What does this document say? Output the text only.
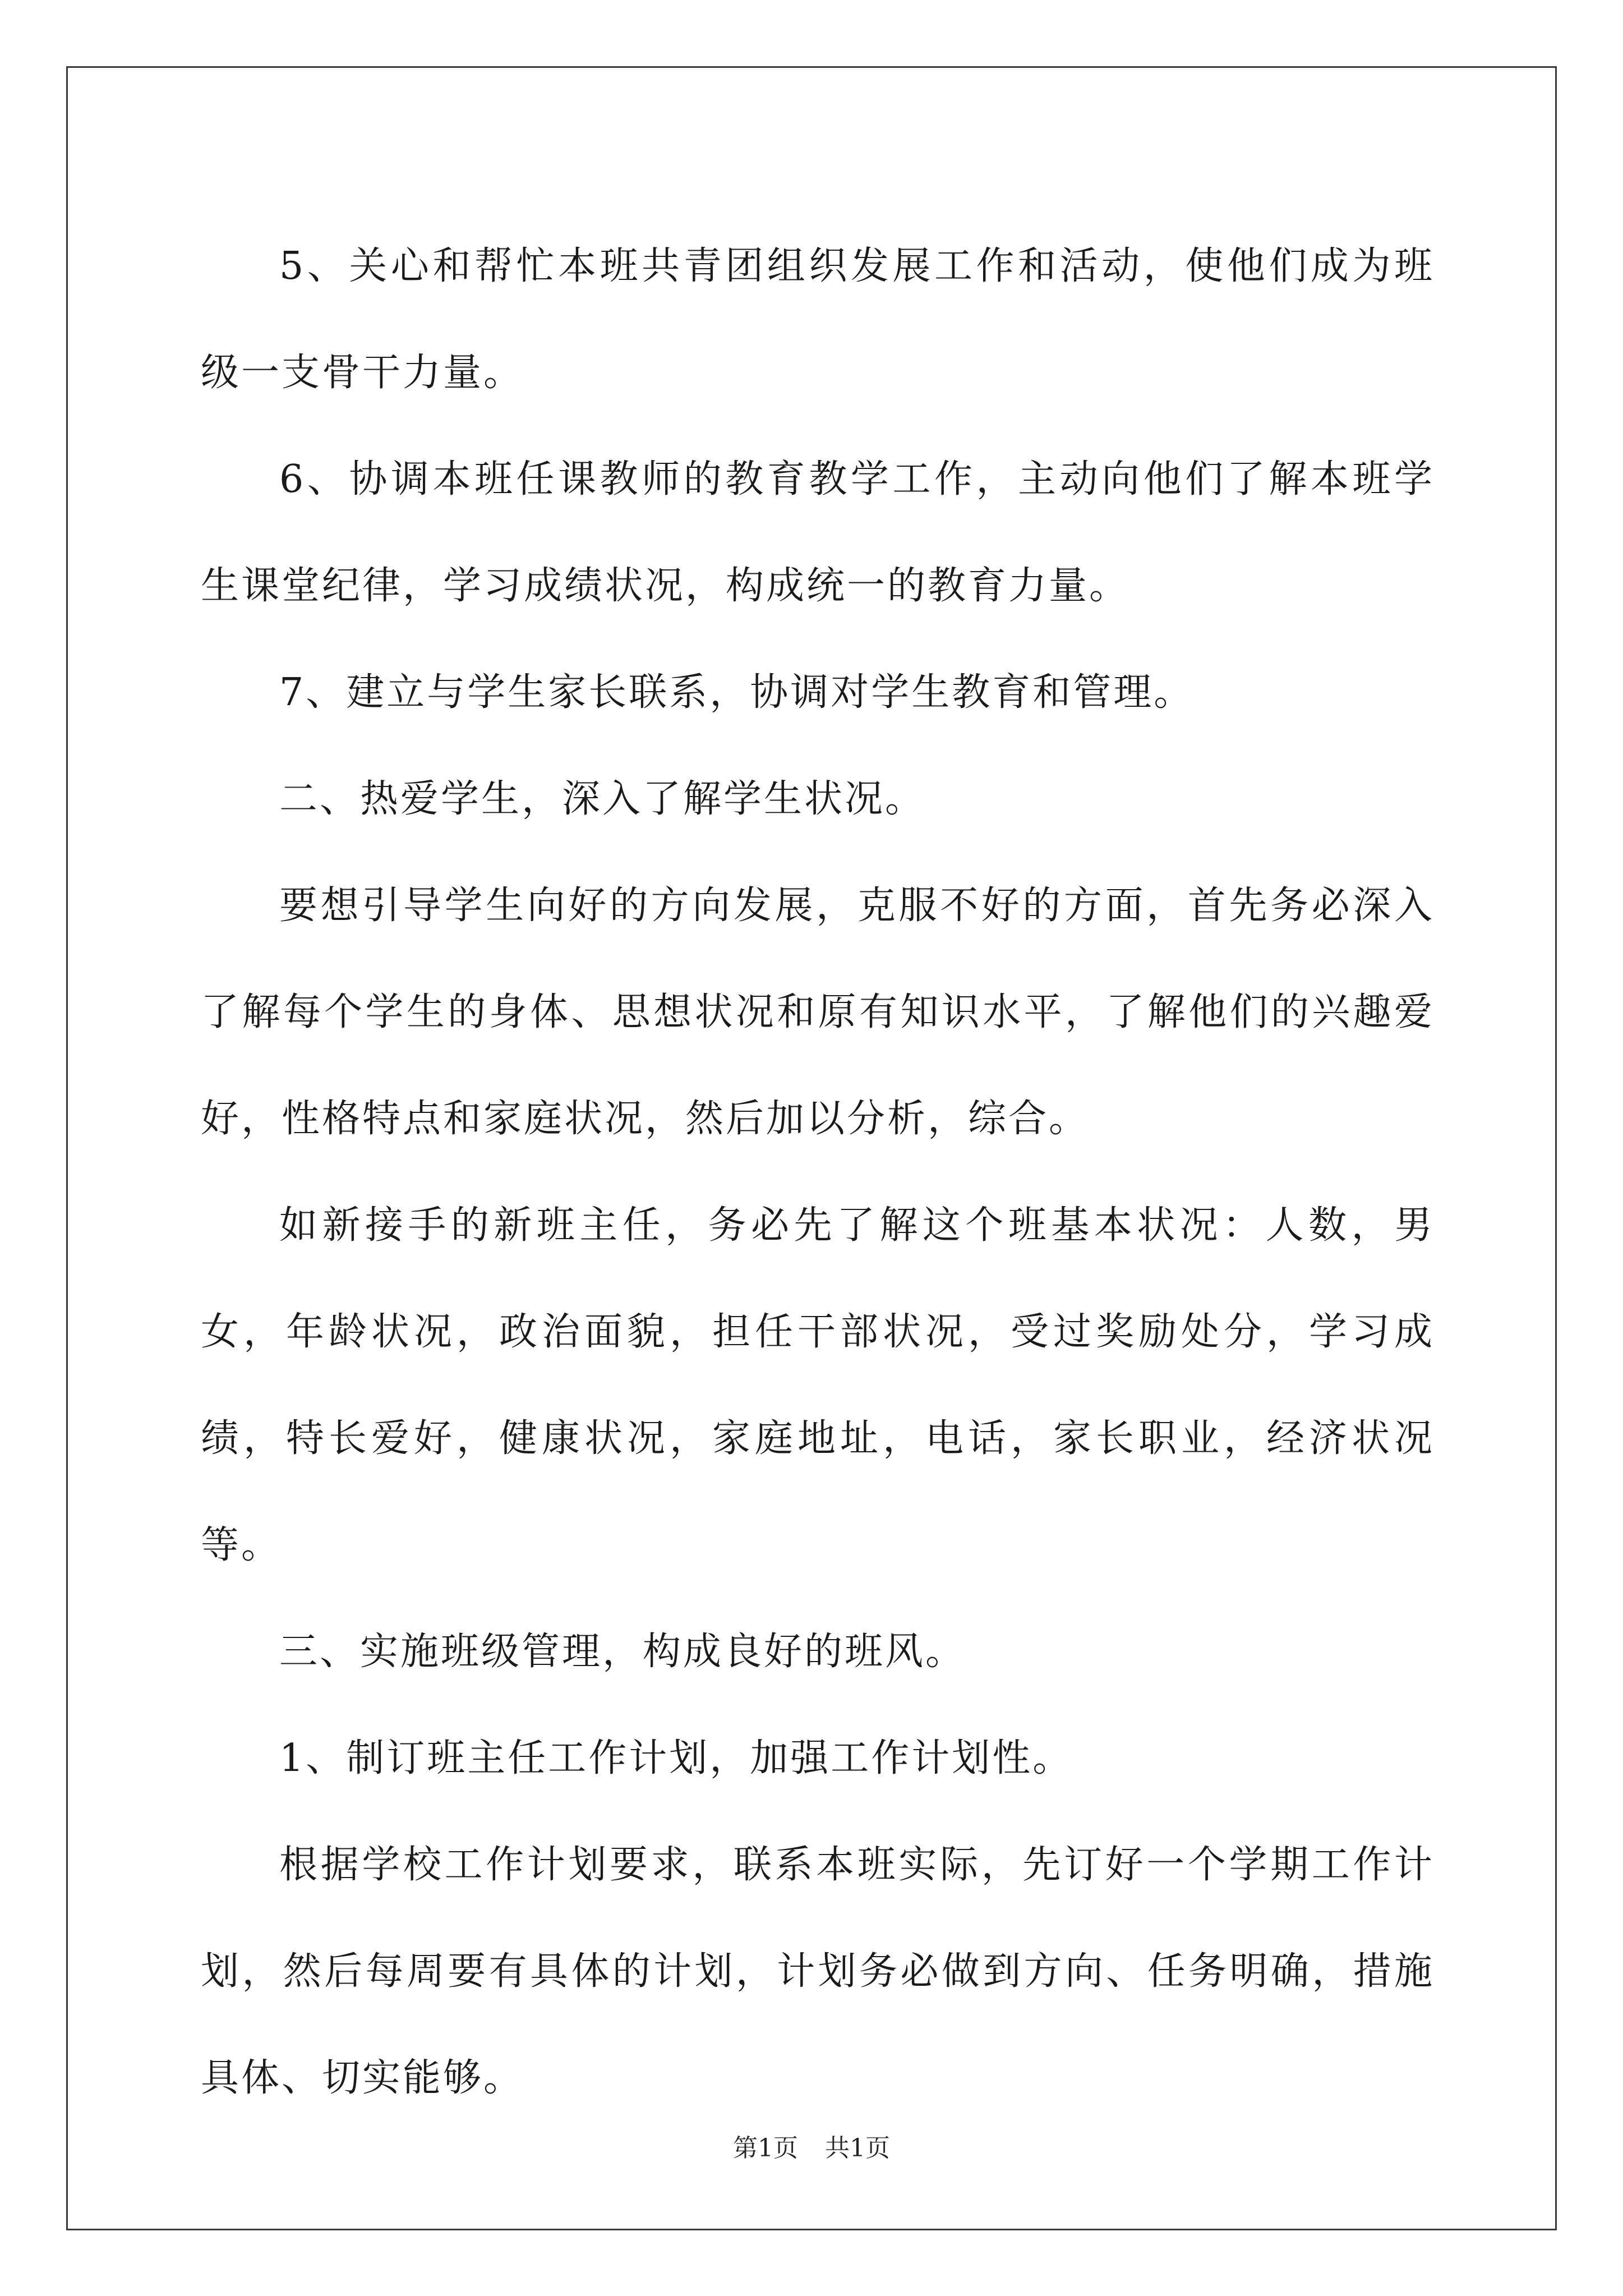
5、关心和帮忙本班共青团组织发展工作和活动，使他们成为班级一支骨干力量。

6、协调本班任课教师的教育教学工作，主动向他们了解本班学生课堂纪律，学习成绩状况，构成统一的教育力量。

7、建立与学生家长联系，协调对学生教育和管理。

二、热爱学生，深入了解学生状况。

要想引导学生向好的方向发展，克服不好的方面，首先务必深入了解每个学生的身体、思想状况和原有知识水平，了解他们的兴趣爱好，性格特点和家庭状况，然后加以分析，综合。

如新接手的新班主任，务必先了解这个班基本状况：人数，男女，年龄状况，政治面貌，担任干部状况，受过奖励处分，学习成绩，特长爱好，健康状况，家庭地址，电话，家长职业，经济状况等。

三、实施班级管理，构成良好的班风。

1、制订班主任工作计划，加强工作计划性。

根据学校工作计划要求，联系本班实际，先订好一个学期工作计划，然后每周要有具体的计划，计划务必做到方向、任务明确，措施具体、切实能够。

第1页 共1页
